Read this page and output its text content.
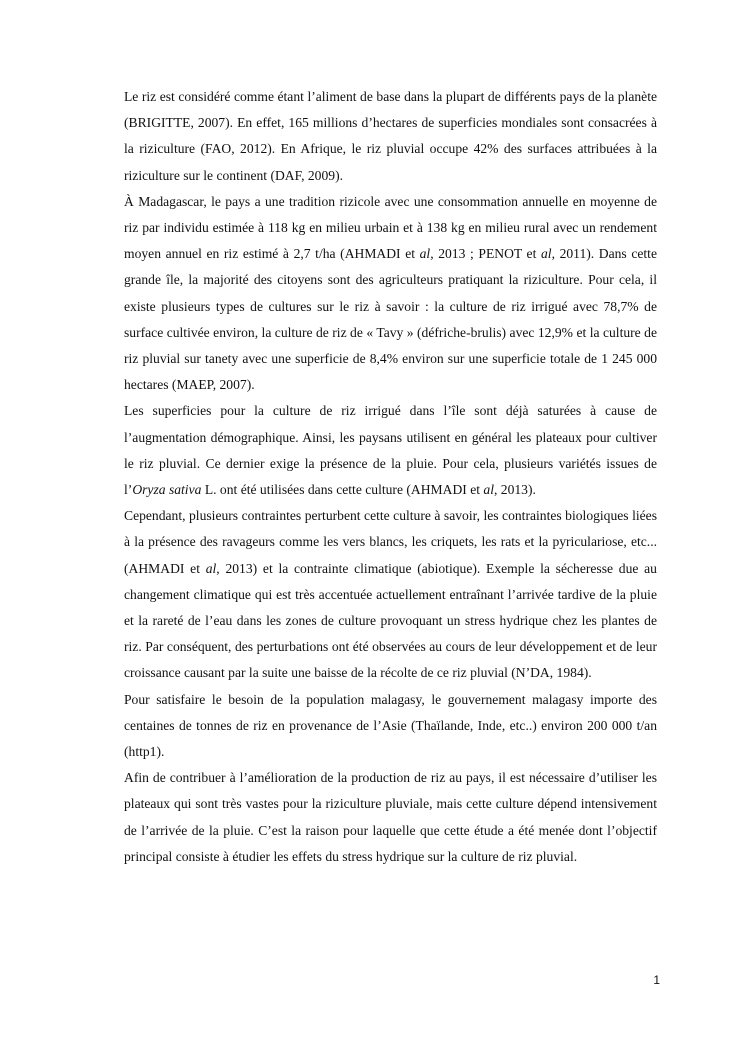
Le riz est considéré comme étant l’aliment de base dans la plupart de différents pays de la planète (BRIGITTE, 2007). En effet, 165 millions d’hectares de superficies mondiales sont consacrées à la riziculture (FAO, 2012). En Afrique, le riz pluvial occupe 42% des surfaces attribuées à la riziculture sur le continent (DAF, 2009).

À Madagascar, le pays a une tradition rizicole avec une consommation annuelle en moyenne de riz par individu estimée à 118 kg en milieu urbain et à 138 kg en milieu rural avec un rendement moyen annuel en riz estimé à 2,7 t/ha (AHMADI et al, 2013 ; PENOT et al, 2011). Dans cette grande île, la majorité des citoyens sont des agriculteurs pratiquant la riziculture. Pour cela, il existe plusieurs types de cultures sur le riz à savoir : la culture de riz irrigué avec 78,7% de surface cultivée environ, la culture de riz de « Tavy » (défriche-brulis) avec 12,9% et la culture de riz pluvial sur tanety avec une superficie de 8,4% environ sur une superficie totale de 1 245 000 hectares (MAEP, 2007).

Les superficies pour la culture de riz irrigué dans l’île sont déjà saturées à cause de l’augmentation démographique. Ainsi, les paysans utilisent en général les plateaux pour cultiver le riz pluvial. Ce dernier exige la présence de la pluie. Pour cela, plusieurs variétés issues de l’Oryza sativa L. ont été utilisées dans cette culture (AHMADI et al, 2013).

Cependant, plusieurs contraintes perturbent cette culture à savoir, les contraintes biologiques liées à la présence des ravageurs comme les vers blancs, les criquets, les rats et la pyriculariose, etc... (AHMADI et al, 2013) et la contrainte climatique (abiotique). Exemple la sécheresse due au changement climatique qui est très accentuée actuellement entraînant l’arrivée tardive de la pluie et la rareté de l’eau dans les zones de culture provoquant un stress hydrique chez les plantes de riz. Par conséquent, des perturbations ont été observées au cours de leur développement et de leur croissance causant par la suite une baisse de la récolte de ce riz pluvial (N’DA, 1984).

Pour satisfaire le besoin de la population malagasy, le gouvernement malagasy importe des centaines de tonnes de riz en provenance de l’Asie (Thaïlande, Inde, etc..) environ 200 000 t/an (http1).

Afin de contribuer à l’amélioration de la production de riz au pays, il est nécessaire d’utiliser les plateaux qui sont très vastes pour la riziculture pluviale, mais cette culture dépend intensivement de l’arrivée de la pluie. C’est la raison pour laquelle que cette étude a été menée dont l’objectif principal consiste à étudier les effets du stress hydrique sur la culture de riz pluvial.

1
